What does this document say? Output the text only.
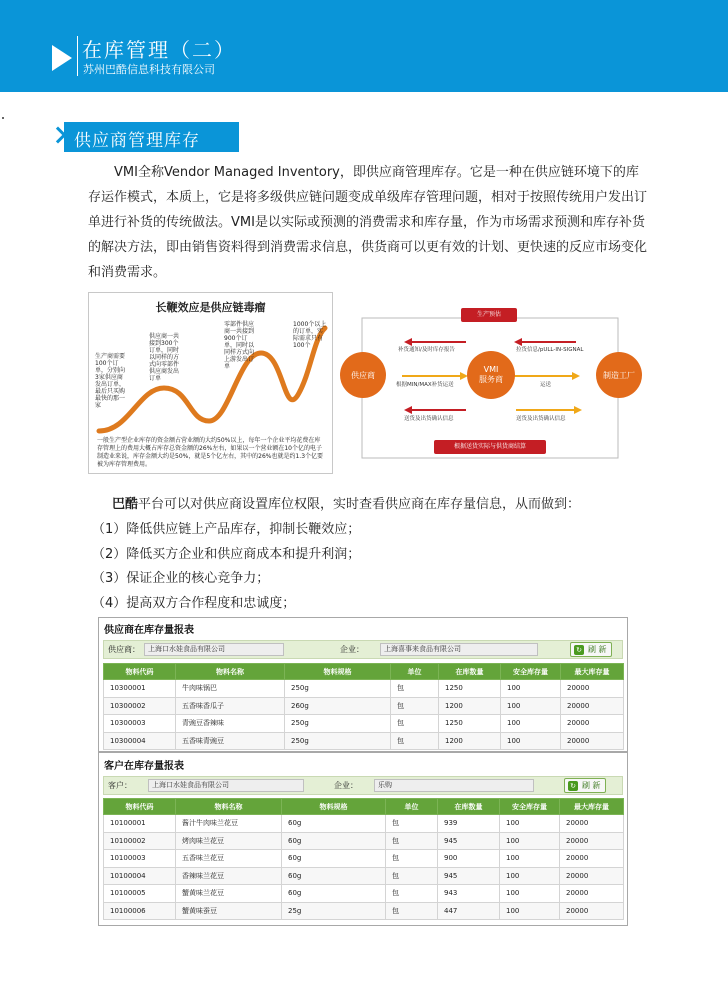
在库管理（二）
苏州巴酷信息科技有限公司
供应商管理库存
VMI全称Vendor Managed Inventory，即供应商管理库存。它是一种在供应链环境下的库存运作模式，本质上，它是将多级供应链问题变成单级库存管理问题，相对于按照传统用户发出订单进行补货的传统做法。VMI是以实际或预测的消费需求和库存量，作为市场需求预测和库存补货的解决方法，即由销售资料得到消费需求信息，供货商可以更有效的计划、更快速的反应市场变化和消费需求。
长鞭效应是供应链毒瘤
生产商需要100个订单，分别向3家供应商发出订单，最后只买购最快的那一家
供应商一共接到300个订单，同时以同样的方式向零部件供应商发出订单
零部件供应商一共接到900个订单，同时以同样方式向上游发出订单
1000个以上的订单，实际需求只有100个
一般生产型企业库存的资金额占营业额的大约50%以上，每年一个企业平均花费在库存管理上的费用大概占库存总资金额的26%左右，如果以一个营业额在10个亿的电子制造业来说，库存金额大约是50%，就是5个亿左右，其中的26%也就是约1.3个亿要被为库存管理费用。
生产预估
根据送货实际与供货商结算
供应商
VMI
服务商	制造工厂
补货通知/及时库存报告
根据MIN/MAX补货运送
送货及出货确认信息
拉货信息/pULL-IN-SIGNAL
运送
送货及出货确认信息
巴酷平台可以对供应商设置库位权限，实时查看供应商在库存量信息，从而做到：
（1）降低供应链上产品库存，抑制长鞭效应；
（2）降低买方企业和供应商成本和提升利润；
（3）保证企业的核心竞争力；
（4）提高双方合作程度和忠诚度；
供应商在库存量报表
供应商：	上海口水娃食品有限公司	企业：	上海喜事来食品有限公司	↻ 刷 新
物料代码	物料名称	物料规格	单位	在库数量	安全库存量	最大库存量
10300001	牛肉味锅巴	250g	包	1250	100	20000
10300002	五香味香瓜子	260g	包	1200	100	20000
10300003	青豌豆香辣味	250g	包	1250	100	20000
10300004	五香味青豌豆	250g	包	1200	100	20000
客户在库存量报表
客户：	上海口水娃食品有限公司	企业：	乐购	↻ 刷 新
物料代码	物料名称	物料规格	单位	在库数量	安全库存量	最大库存量
10100001	酱汁牛肉味兰花豆	60g	包	939	100	20000
10100002	烤肉味兰花豆	60g	包	945	100	20000
10100003	五香味兰花豆	60g	包	900	100	20000
10100004	香辣味兰花豆	60g	包	945	100	20000
10100005	蟹黄味兰花豆	60g	包	943	100	20000
10100006	蟹黄味蚕豆	25g	包	447	100	20000
